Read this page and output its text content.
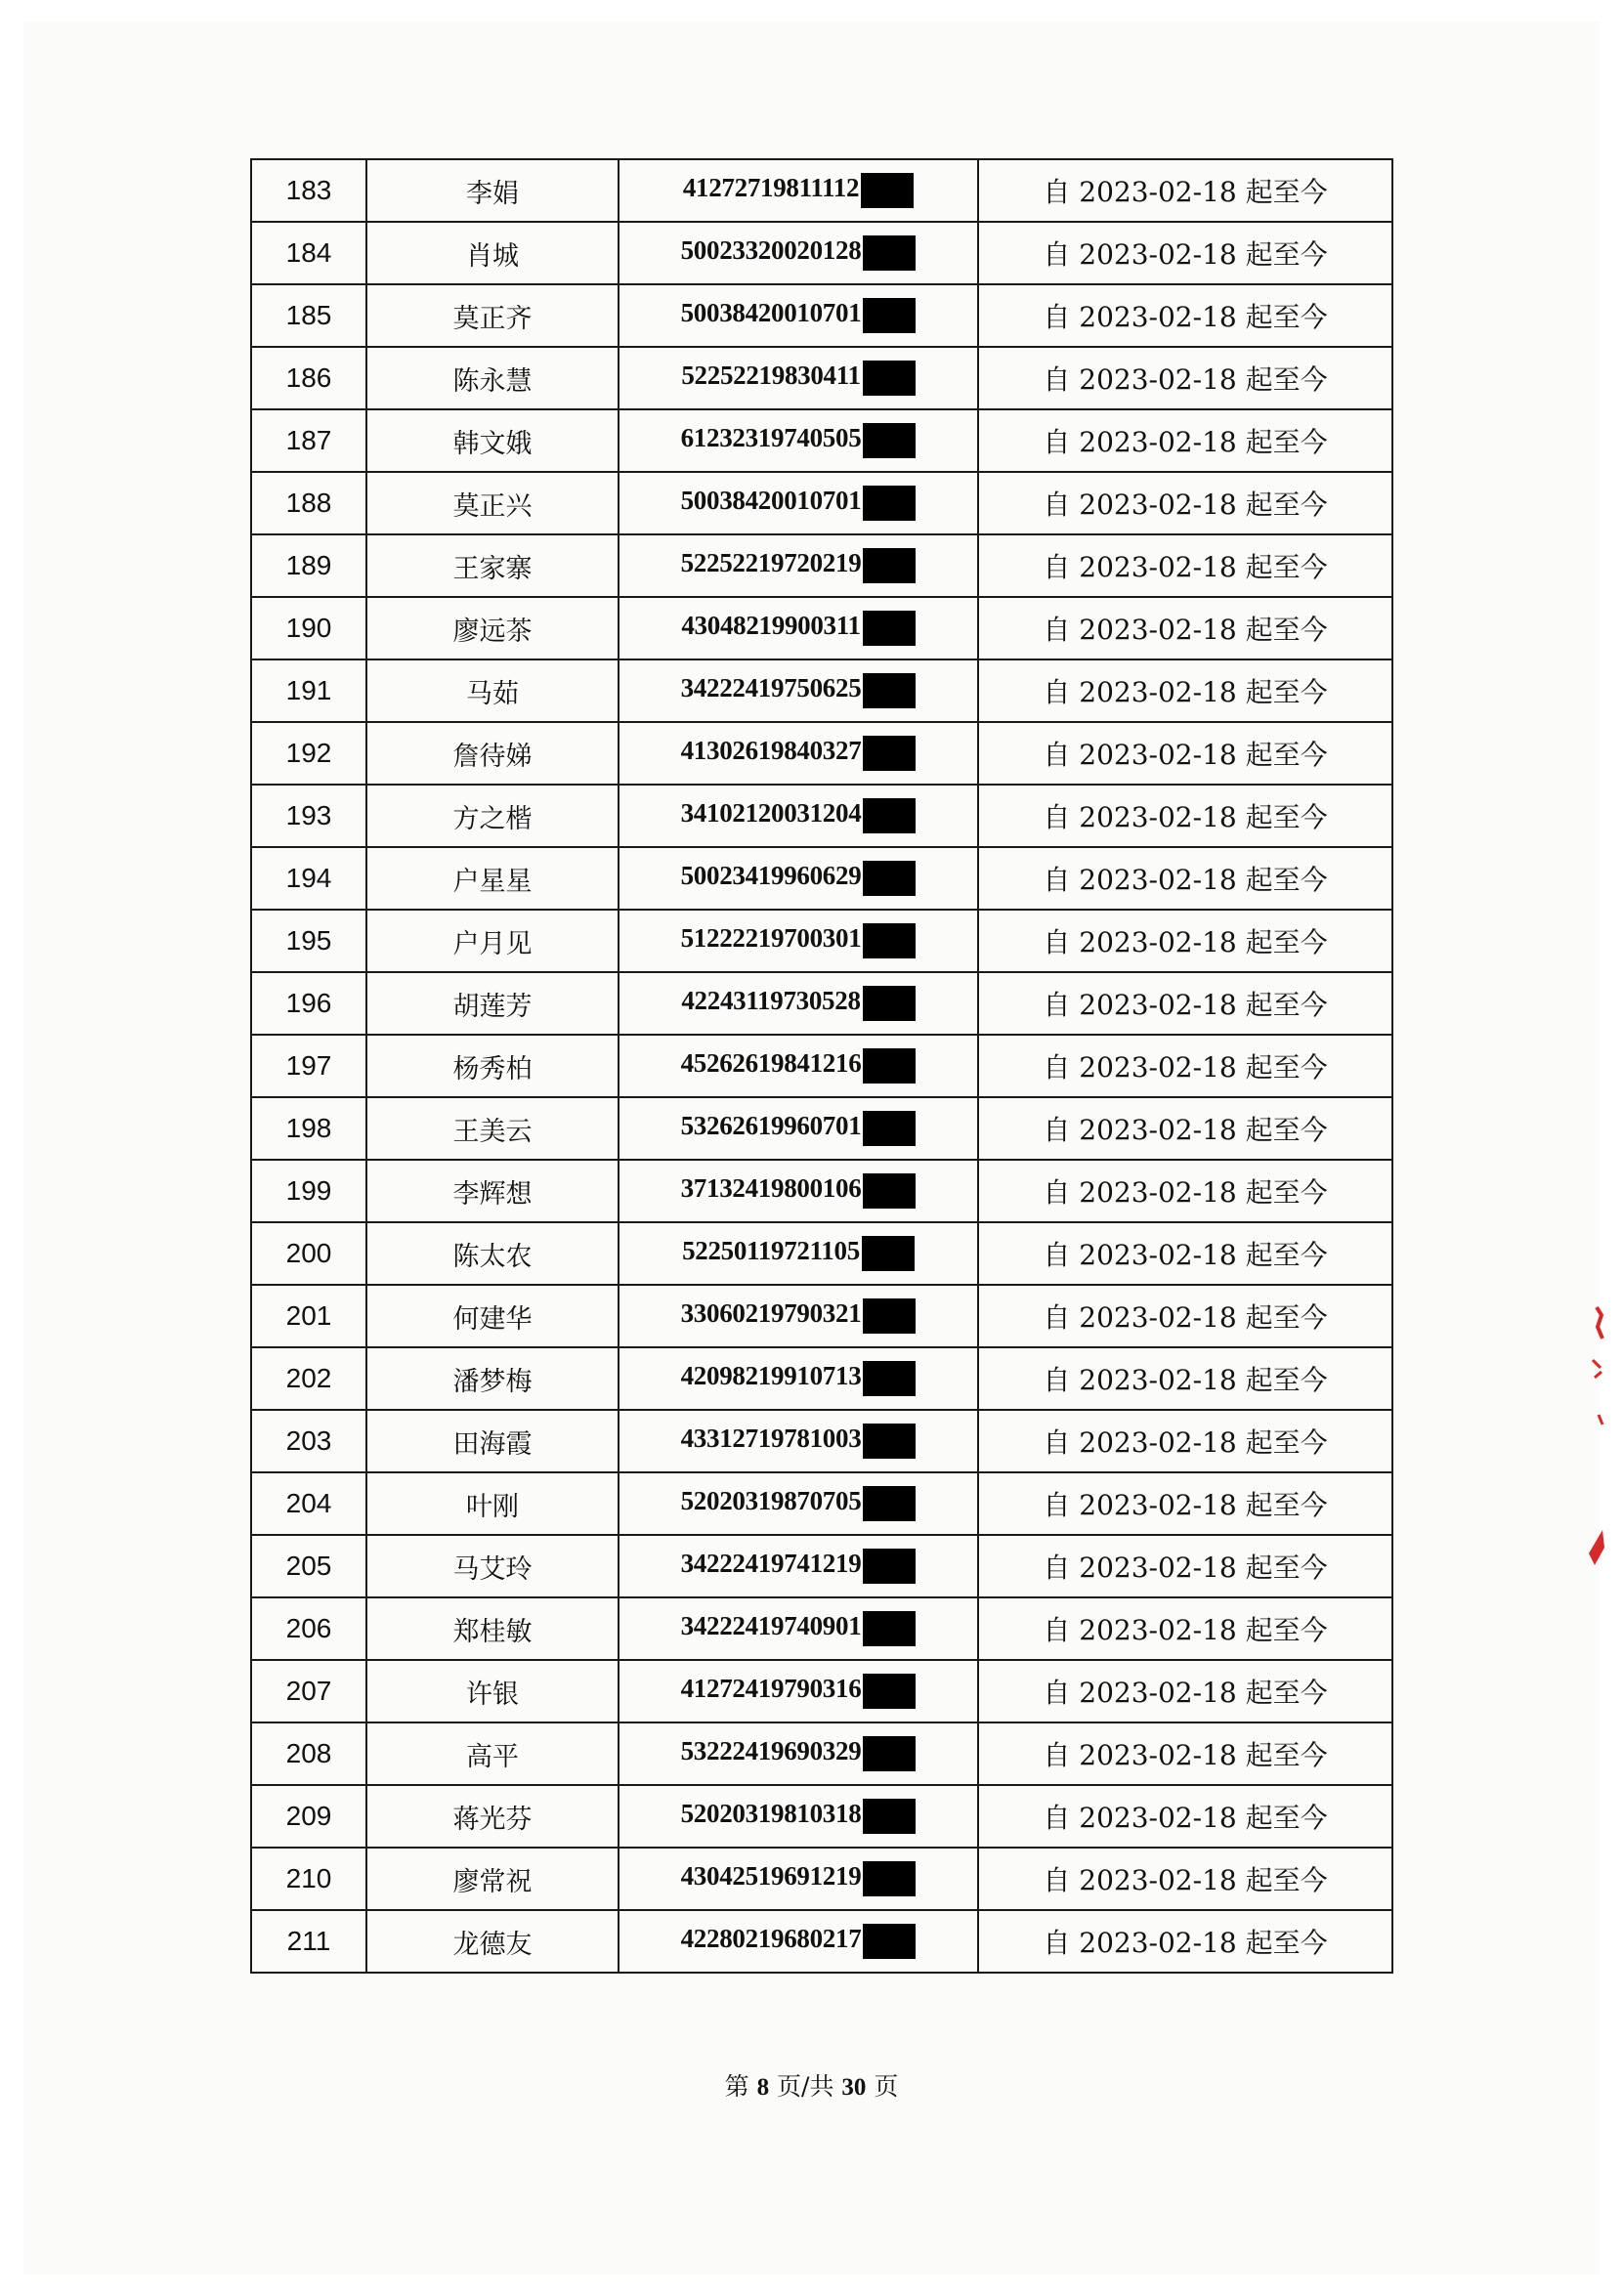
183	李娟	41272719811112	自 2023-02-18 起至今
184	肖城	50023320020128	自 2023-02-18 起至今
185	莫正齐	50038420010701	自 2023-02-18 起至今
186	陈永慧	52252219830411	自 2023-02-18 起至今
187	韩文娥	61232319740505	自 2023-02-18 起至今
188	莫正兴	50038420010701	自 2023-02-18 起至今
189	王家寨	52252219720219	自 2023-02-18 起至今
190	廖远茶	43048219900311	自 2023-02-18 起至今
191	马茹	34222419750625	自 2023-02-18 起至今
192	詹待娣	41302619840327	自 2023-02-18 起至今
193	方之楷	34102120031204	自 2023-02-18 起至今
194	户星星	50023419960629	自 2023-02-18 起至今
195	户月见	51222219700301	自 2023-02-18 起至今
196	胡莲芳	42243119730528	自 2023-02-18 起至今
197	杨秀柏	45262619841216	自 2023-02-18 起至今
198	王美云	53262619960701	自 2023-02-18 起至今
199	李辉想	37132419800106	自 2023-02-18 起至今
200	陈太农	52250119721105	自 2023-02-18 起至今
201	何建华	33060219790321	自 2023-02-18 起至今
202	潘梦梅	42098219910713	自 2023-02-18 起至今
203	田海霞	43312719781003	自 2023-02-18 起至今
204	叶刚	52020319870705	自 2023-02-18 起至今
205	马艾玲	34222419741219	自 2023-02-18 起至今
206	郑桂敏	34222419740901	自 2023-02-18 起至今
207	许银	41272419790316	自 2023-02-18 起至今
208	高平	53222419690329	自 2023-02-18 起至今
209	蒋光芬	52020319810318	自 2023-02-18 起至今
210	廖常祝	43042519691219	自 2023-02-18 起至今
211	龙德友	42280219680217	自 2023-02-18 起至今
第 8 页/共 30 页
